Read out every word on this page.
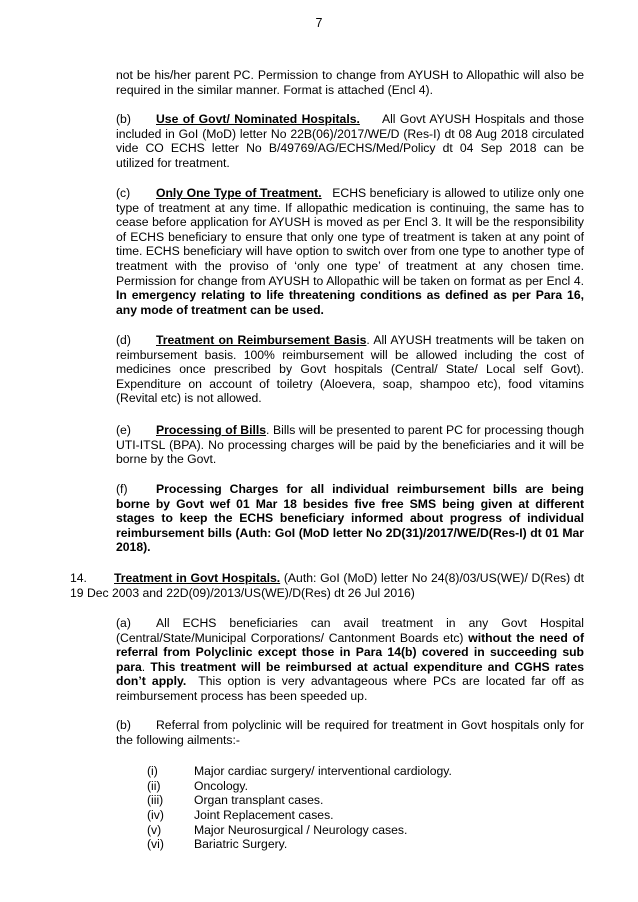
7

not be his/her parent PC. Permission to change from AYUSH to Allopathic will also be required in the similar manner. Format is attached (Encl 4).

(b) Use of Govt/ Nominated Hospitals. All Govt AYUSH Hospitals and those included in GoI (MoD) letter No 22B(06)/2017/WE/D (Res-I) dt 08 Aug 2018 circulated vide CO ECHS letter No B/49769/AG/ECHS/Med/Policy dt 04 Sep 2018 can be utilized for treatment.

(c) Only One Type of Treatment. ECHS beneficiary is allowed to utilize only one type of treatment at any time. If allopathic medication is continuing, the same has to cease before application for AYUSH is moved as per Encl 3. It will be the responsibility of ECHS beneficiary to ensure that only one type of treatment is taken at any point of time. ECHS beneficiary will have option to switch over from one type to another type of treatment with the proviso of ‘only one type’ of treatment at any chosen time. Permission for change from AYUSH to Allopathic will be taken on format as per Encl 4. In emergency relating to life threatening conditions as defined as per Para 16, any mode of treatment can be used.

(d) Treatment on Reimbursement Basis. All AYUSH treatments will be taken on reimbursement basis. 100% reimbursement will be allowed including the cost of medicines once prescribed by Govt hospitals (Central/ State/ Local self Govt). Expenditure on account of toiletry (Aloevera, soap, shampoo etc), food vitamins (Revital etc) is not allowed.

(e) Processing of Bills. Bills will be presented to parent PC for processing though UTI-ITSL (BPA). No processing charges will be paid by the beneficiaries and it will be borne by the Govt.

(f) Processing Charges for all individual reimbursement bills are being borne by Govt wef 01 Mar 18 besides five free SMS being given at different stages to keep the ECHS beneficiary informed about progress of individual reimbursement bills (Auth: GoI (MoD letter No 2D(31)/2017/WE/D(Res-I) dt 01 Mar 2018).

14. Treatment in Govt Hospitals. (Auth: GoI (MoD) letter No 24(8)/03/US(WE)/ D(Res) dt 19 Dec 2003 and 22D(09)/2013/US(WE)/D(Res) dt 26 Jul 2016)

(a) All ECHS beneficiaries can avail treatment in any Govt Hospital (Central/State/Municipal Corporations/ Cantonment Boards etc) without the need of referral from Polyclinic except those in Para 14(b) covered in succeeding sub para. This treatment will be reimbursed at actual expenditure and CGHS rates don’t apply. This option is very advantageous where PCs are located far off as reimbursement process has been speeded up.

(b) Referral from polyclinic will be required for treatment in Govt hospitals only for the following ailments:-

(i)	Major cardiac surgery/ interventional cardiology.
(ii)	Oncology.
(iii)	Organ transplant cases.
(iv) Joint Replacement cases.
(v)	Major Neurosurgical / Neurology cases.
(vi) Bariatric Surgery.
